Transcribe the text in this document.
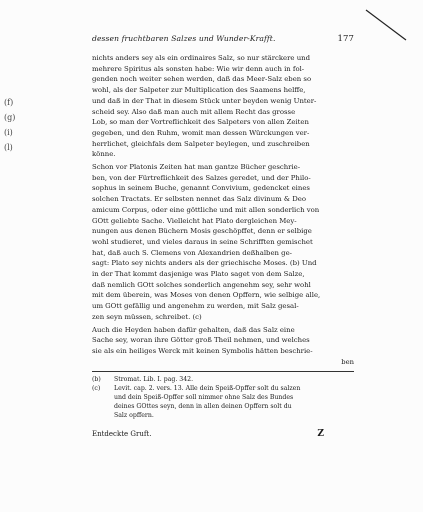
(f)
(g)
(i)
(l)
dessen fruchtbaren Salzes und Wunder-Krafft.	177
nichts anders sey als ein ordinaires Salz, so nur stärckere und
mehrere Spiritus als sonsten habe: Wie wir denn auch in fol-
genden noch weiter sehen werden, daß das Meer-Salz eben so
wohl, als der Salpeter zur Multiplication des Saamens helffe,
und daß in der That in diesem Stück unter beyden wenig Unter-
scheid sey. Also daß man auch mit allem Recht das grosse
Lob, so man der Vortreflichkeit des Salpeters von allen Zeiten
gegeben, und den Ruhm, womit man dessen Würckungen ver-
herrlichet, gleichfals dem Salpeter beylegen, und zuschreiben
könne.
Schon vor Platonis Zeiten hat man gantze Bücher geschrie-
ben, von der Fürtreflichkeit des Salzes geredet, und der Philo-
sophus in seinem Buche, genannt Convivium, gedencket eines
solchen Tractats. Er selbsten nennet das Salz divinum & Deo
amicum Corpus, oder eine göttliche und mit allen sonderlich von
GOtt geliebte Sache. Vielleicht hat Plato dergleichen Mey-
nungen aus denen Büchern Mosis geschöpffet, denn er selbige
wohl studieret, und vieles daraus in seine Schrifften gemischet
hat, daß auch S. Clemens von Alexandrien deßhalben ge-
sagt: Plato sey nichts anders als der griechische Moses. (b) Und
in der That kommt dasjenige was Plato saget von dem Salze,
daß nemlich GOtt solches sonderlich angenehm sey, sehr wohl
mit dem überein, was Moses von denen Opffern, wie selbige alle,
um GOtt gefällig und angenehm zu werden, mit Salz gesal-
zen seyn müssen, schreibet. (c)
Auch die Heyden haben dafür gehalten, daß das Salz eine
Sache sey, woran ihre Götter groß Theil nehmen, und welches
sie als ein heiliges Werck mit keinen Symbolis hätten beschrie-
ben
(b)	Stromat. Lib. I. pag. 342.
(c)	Levit. cap. 2. vers. 13. Alle dein Speiß-Opffer solt du salzen
und dein Speiß-Opffer soll nimmer ohne Salz des Bundes
deines GOttes seyn, denn in allen deinen Opffern solt du
Salz opffern.
Entdeckte Gruft.	Z
